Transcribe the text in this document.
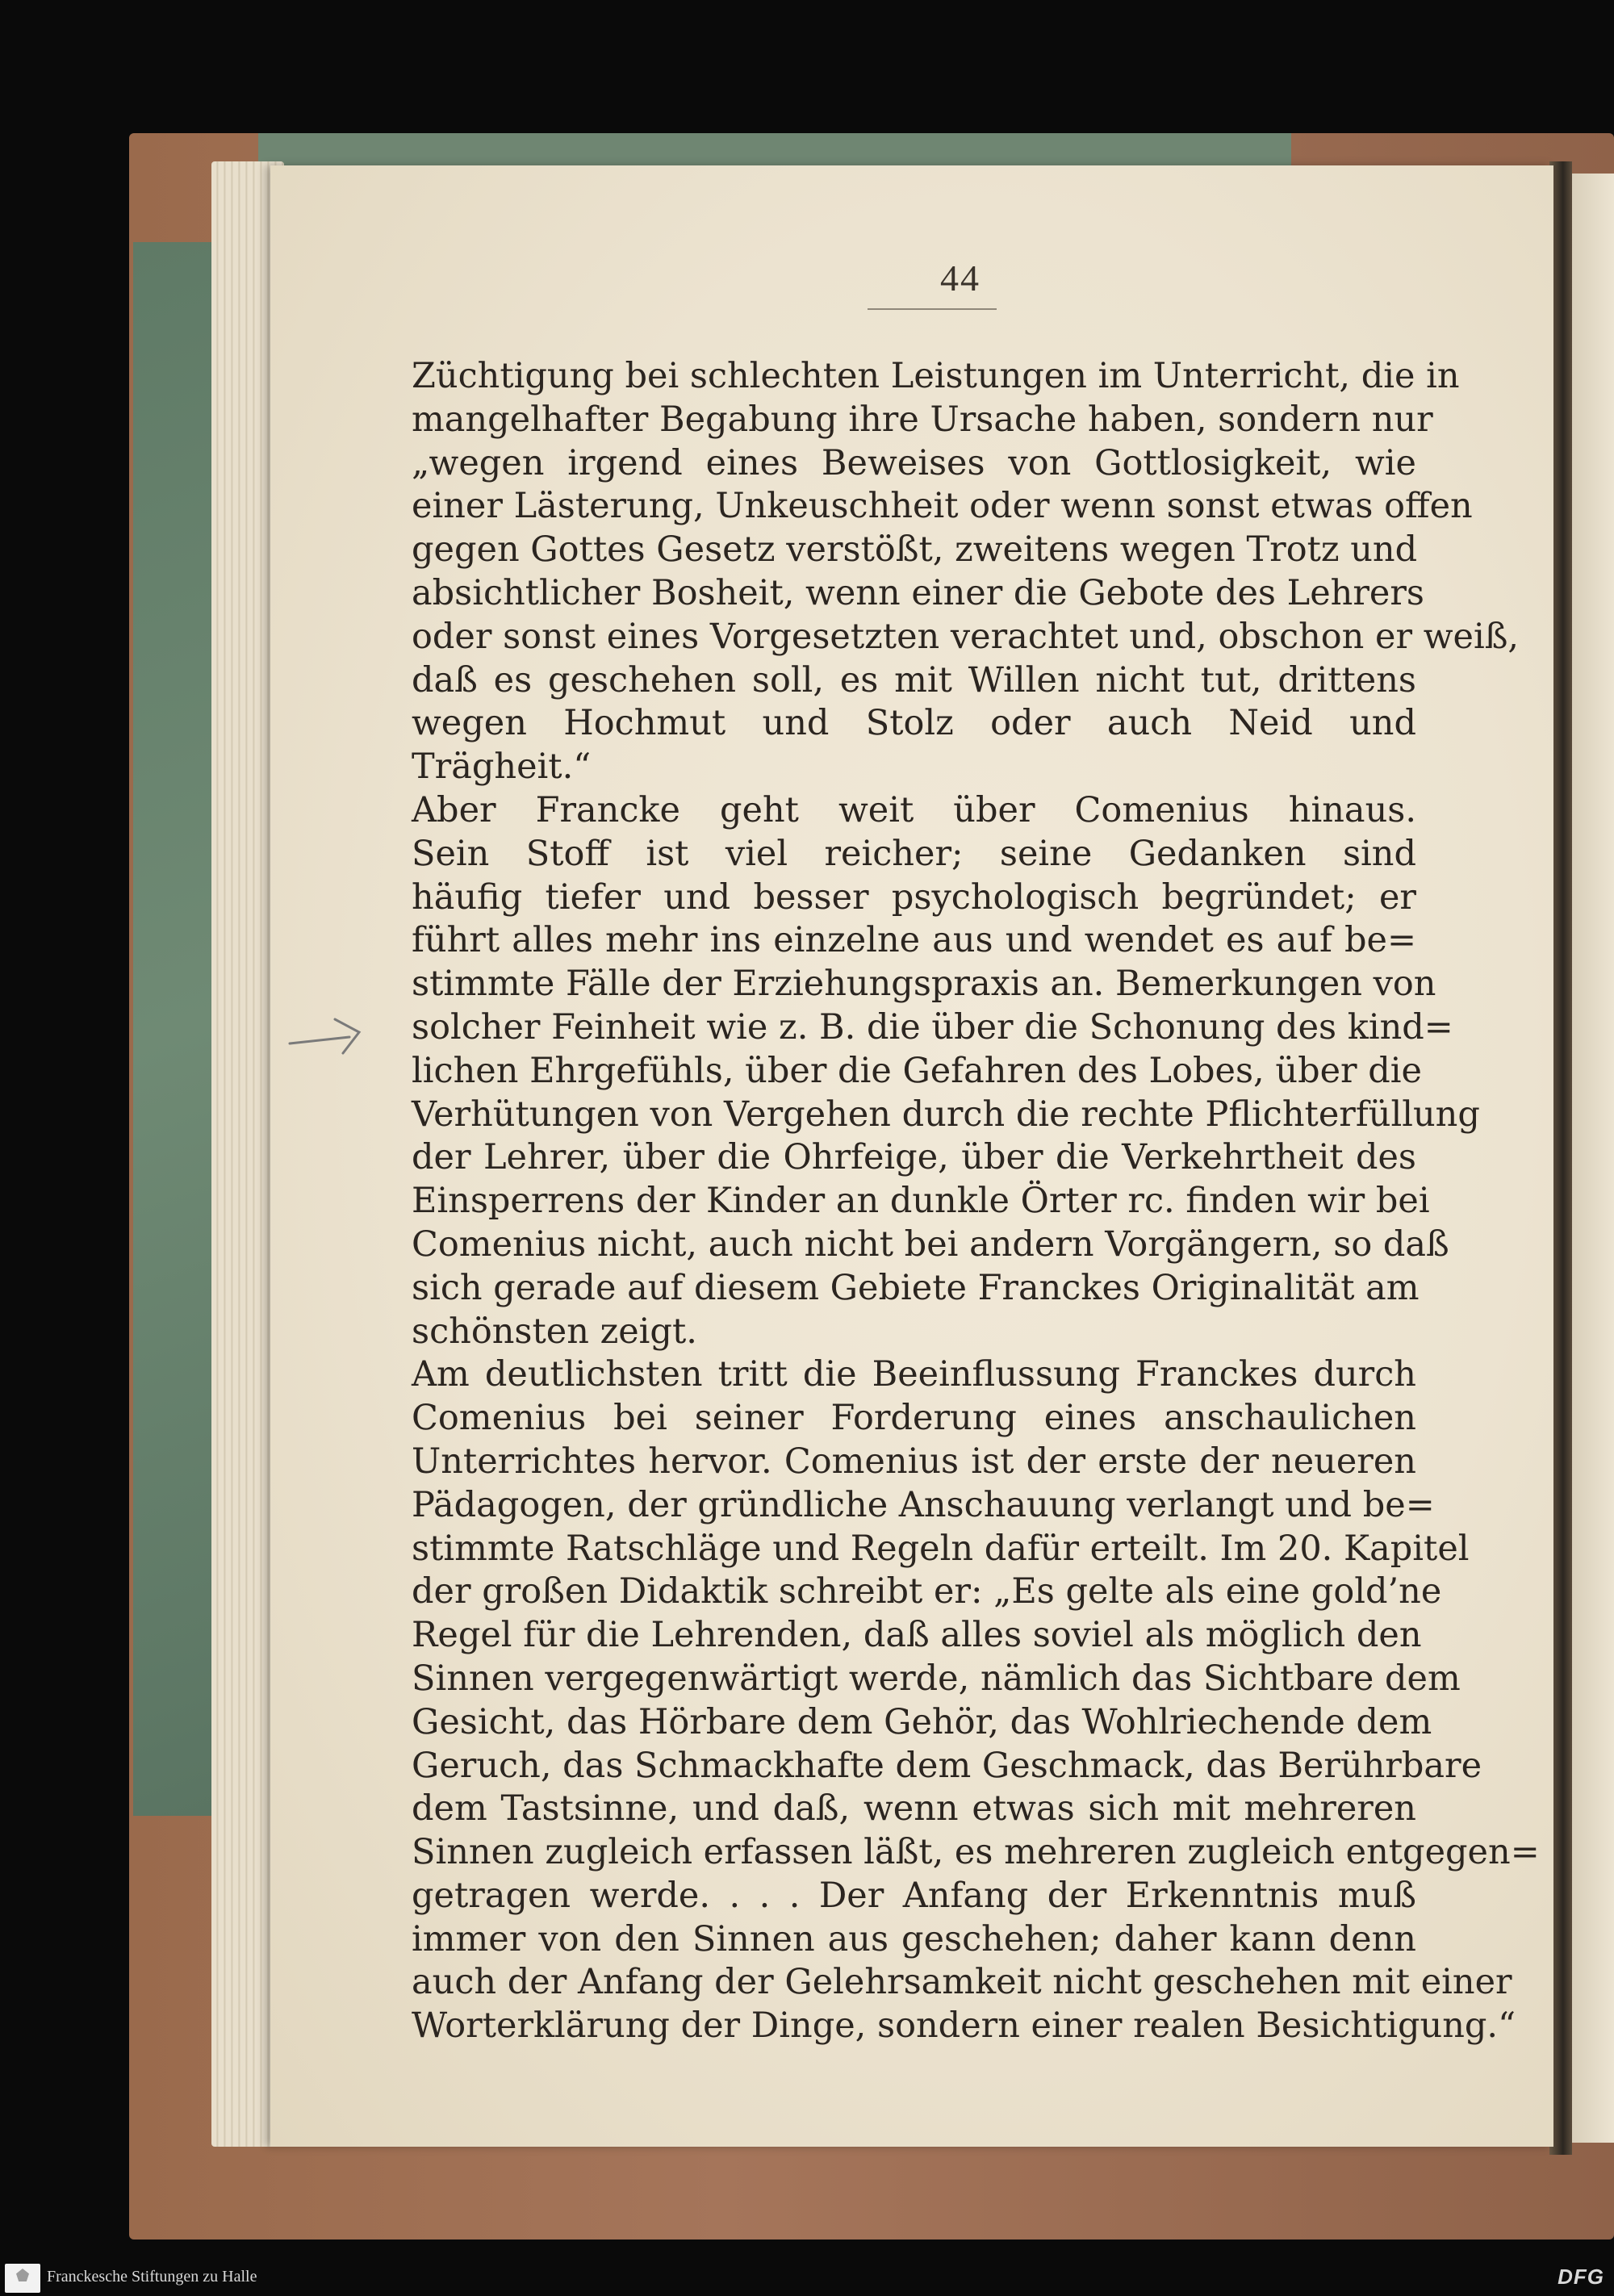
44
Züchtigung bei schlechten Leistungen im Unterricht, die in
mangelhafter Begabung ihre Ursache haben, sondern nur
„wegen irgend eines Beweises von Gottlosigkeit, wie
einer Lästerung, Unkeuschheit oder wenn sonst etwas offen
gegen Gottes Gesetz verstößt, zweitens wegen Trotz und
absichtlicher Bosheit, wenn einer die Gebote des Lehrers
oder sonst eines Vorgesetzten verachtet und, obschon er weiß,
daß es geschehen soll, es mit Willen nicht tut, drittens
wegen Hochmut und Stolz oder auch Neid und
Trägheit.“
Aber Francke geht weit über Comenius hinaus.
Sein Stoff ist viel reicher; seine Gedanken sind
häufig tiefer und besser psychologisch begründet; er
führt alles mehr ins einzelne aus und wendet es auf be=
stimmte Fälle der Erziehungspraxis an. Bemerkungen von
solcher Feinheit wie z. B. die über die Schonung des kind=
lichen Ehrgefühls, über die Gefahren des Lobes, über die
Verhütungen von Vergehen durch die rechte Pflichterfüllung
der Lehrer, über die Ohrfeige, über die Verkehrtheit des
Einsperrens der Kinder an dunkle Örter rc. finden wir bei
Comenius nicht, auch nicht bei andern Vorgängern, so daß
sich gerade auf diesem Gebiete Franckes Originalität am
schönsten zeigt.
Am deutlichsten tritt die Beeinflussung Franckes durch
Comenius bei seiner Forderung eines anschaulichen
Unterrichtes hervor. Comenius ist der erste der neueren
Pädagogen, der gründliche Anschauung verlangt und be=
stimmte Ratschläge und Regeln dafür erteilt. Im 20. Kapitel
der großen Didaktik schreibt er: „Es gelte als eine gold’ne
Regel für die Lehrenden, daß alles soviel als möglich den
Sinnen vergegenwärtigt werde, nämlich das Sichtbare dem
Gesicht, das Hörbare dem Gehör, das Wohlriechende dem
Geruch, das Schmackhafte dem Geschmack, das Berührbare
dem Tastsinne, und daß, wenn etwas sich mit mehreren
Sinnen zugleich erfassen läßt, es mehreren zugleich entgegen=
getragen werde. . . . Der Anfang der Erkenntnis muß
immer von den Sinnen aus geschehen; daher kann denn
auch der Anfang der Gelehrsamkeit nicht geschehen mit einer
Worterklärung der Dinge, sondern einer realen Besichtigung.“
Franckesche Stiftungen zu Halle	DFG
